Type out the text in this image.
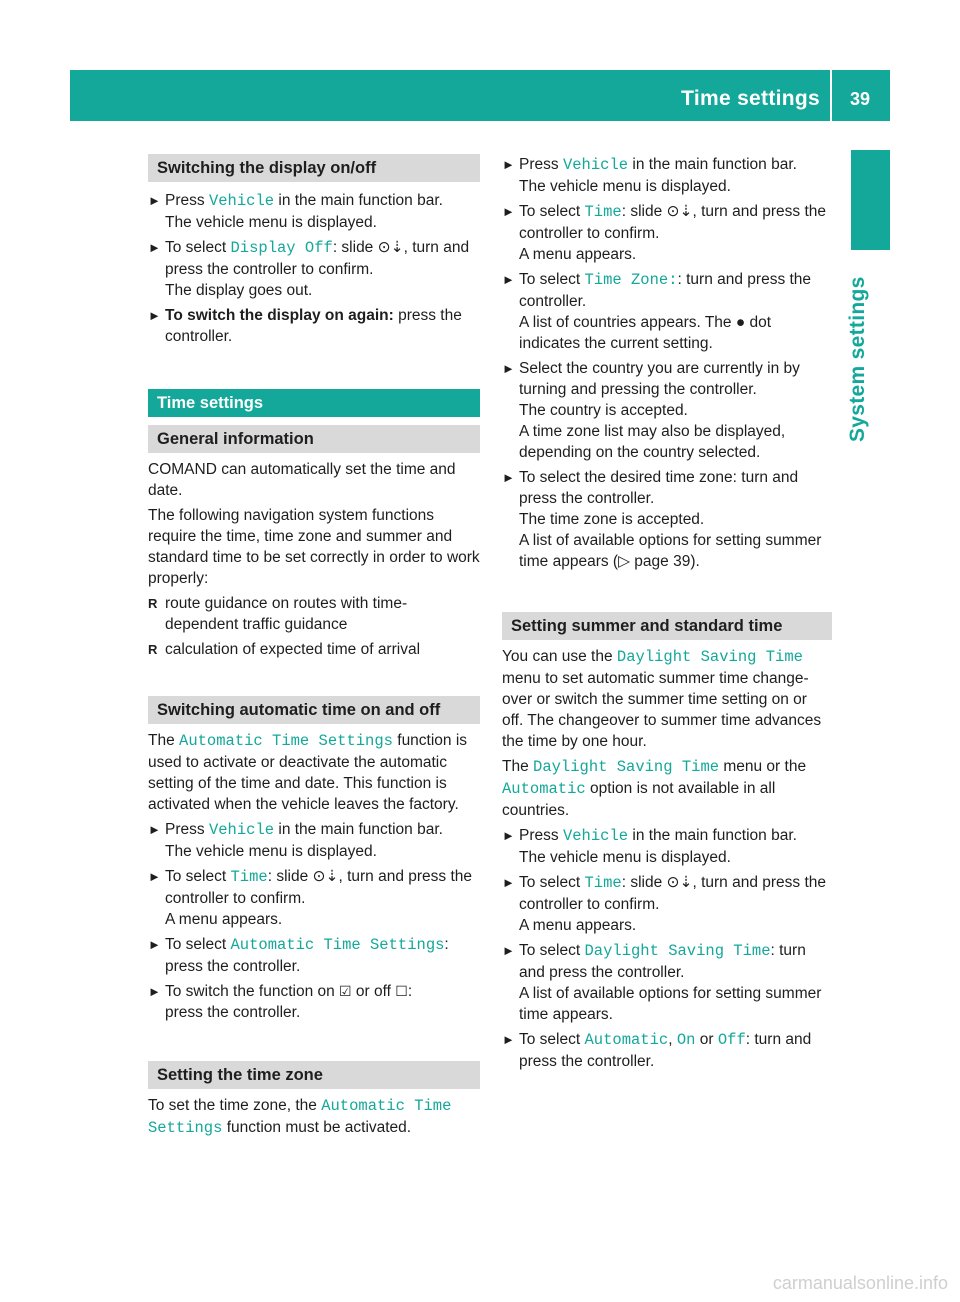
Time settings 39
System settings
Switching the display on/off
► Press Vehicle in the main function bar.
The vehicle menu is displayed.
► To select Display Off: slide ⊙⇣, turn and
press the controller to confirm.
The display goes out.
► To switch the display on again: press the
controller.
Time settings
General information
COMAND can automatically set the time and date.
The following navigation system functions require the time, time zone and summer and standard time to be set correctly in order to work properly:
R route guidance on routes with time-dependent traffic guidance
R calculation of expected time of arrival
Switching automatic time on and off
The Automatic Time Settings function is used to activate or deactivate the automatic setting of the time and date. This function is activated when the vehicle leaves the factory.
► Press Vehicle in the main function bar.
The vehicle menu is displayed.
► To select Time: slide ⊙⇣, turn and press the controller to confirm.
A menu appears.
► To select Automatic Time Settings:
press the controller.
► To switch the function on ☑ or off ☐:
press the controller.
Setting the time zone
To set the time zone, the Automatic Time Settings function must be activated.
► Press Vehicle in the main function bar.
The vehicle menu is displayed.
► To select Time: slide ⊙⇣, turn and press the controller to confirm.
A menu appears.
► To select Time Zone:: turn and press the controller.
A list of countries appears. The ● dot indicates the current setting.
► Select the country you are currently in by turning and pressing the controller.
The country is accepted.
A time zone list may also be displayed, depending on the country selected.
► To select the desired time zone: turn and press the controller.
The time zone is accepted.
A list of available options for setting summer time appears (▷ page 39).
Setting summer and standard time
You can use the Daylight Saving Time menu to set automatic summer time change-over or switch the summer time setting on or off. The changeover to summer time advances the time by one hour.
The Daylight Saving Time menu or the Automatic option is not available in all countries.
► Press Vehicle in the main function bar.
The vehicle menu is displayed.
► To select Time: slide ⊙⇣, turn and press the controller to confirm.
A menu appears.
► To select Daylight Saving Time: turn and press the controller.
A list of available options for setting summer time appears.
► To select Automatic, On or Off: turn and press the controller.
carmanualsonline.info
